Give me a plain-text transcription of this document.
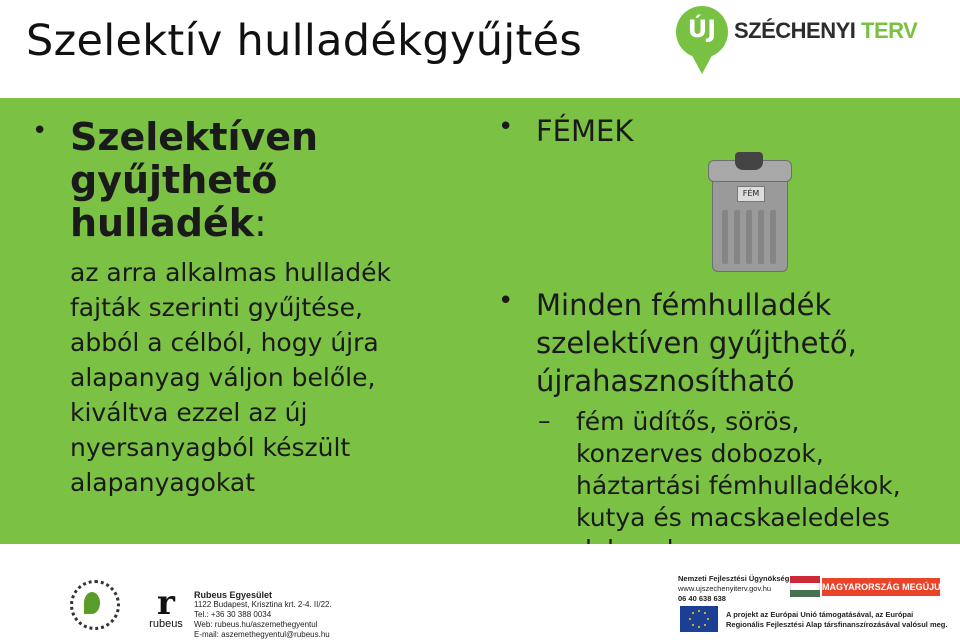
Szelektív hulladékgyűjtés	ÚJ SZÉCHENYI TERV
• Szelektíven
gyűjthető
hulladék:
az arra alkalmas hulladék
fajták szerinti gyűjtése,
abból a célból, hogy újra
alapanyag váljon belőle,
kiváltva ezzel az új
nyersanyagból készült
alapanyagokat
• FÉMEK
FÉM
• Minden fémhulladék
szelektíven gyűjthető,
újrahasznosítható
– fém üdítős, sörös,
konzerves dobozok,
háztartási fémhulladékok,
kutya és macskaeledeles
r
rubeus
Rubeus Egyesület
1122 Budapest, Krisztina krt. 2-4. II/22.
Tel.: +36 30 388 0034
Web: rubeus.hu/aszemethegyentul
E-mail: aszemethegyentul@rubeus.hu
Nemzeti Fejlesztési Ügynökség
www.ujszechenyiterv.gov.hu
06 40 638 638
MAGYARORSZÁG MEGÚJUL
A projekt az Európai Unió támogatásával, az Európai
Regionális Fejlesztési Alap társfinanszírozásával valósul meg.
